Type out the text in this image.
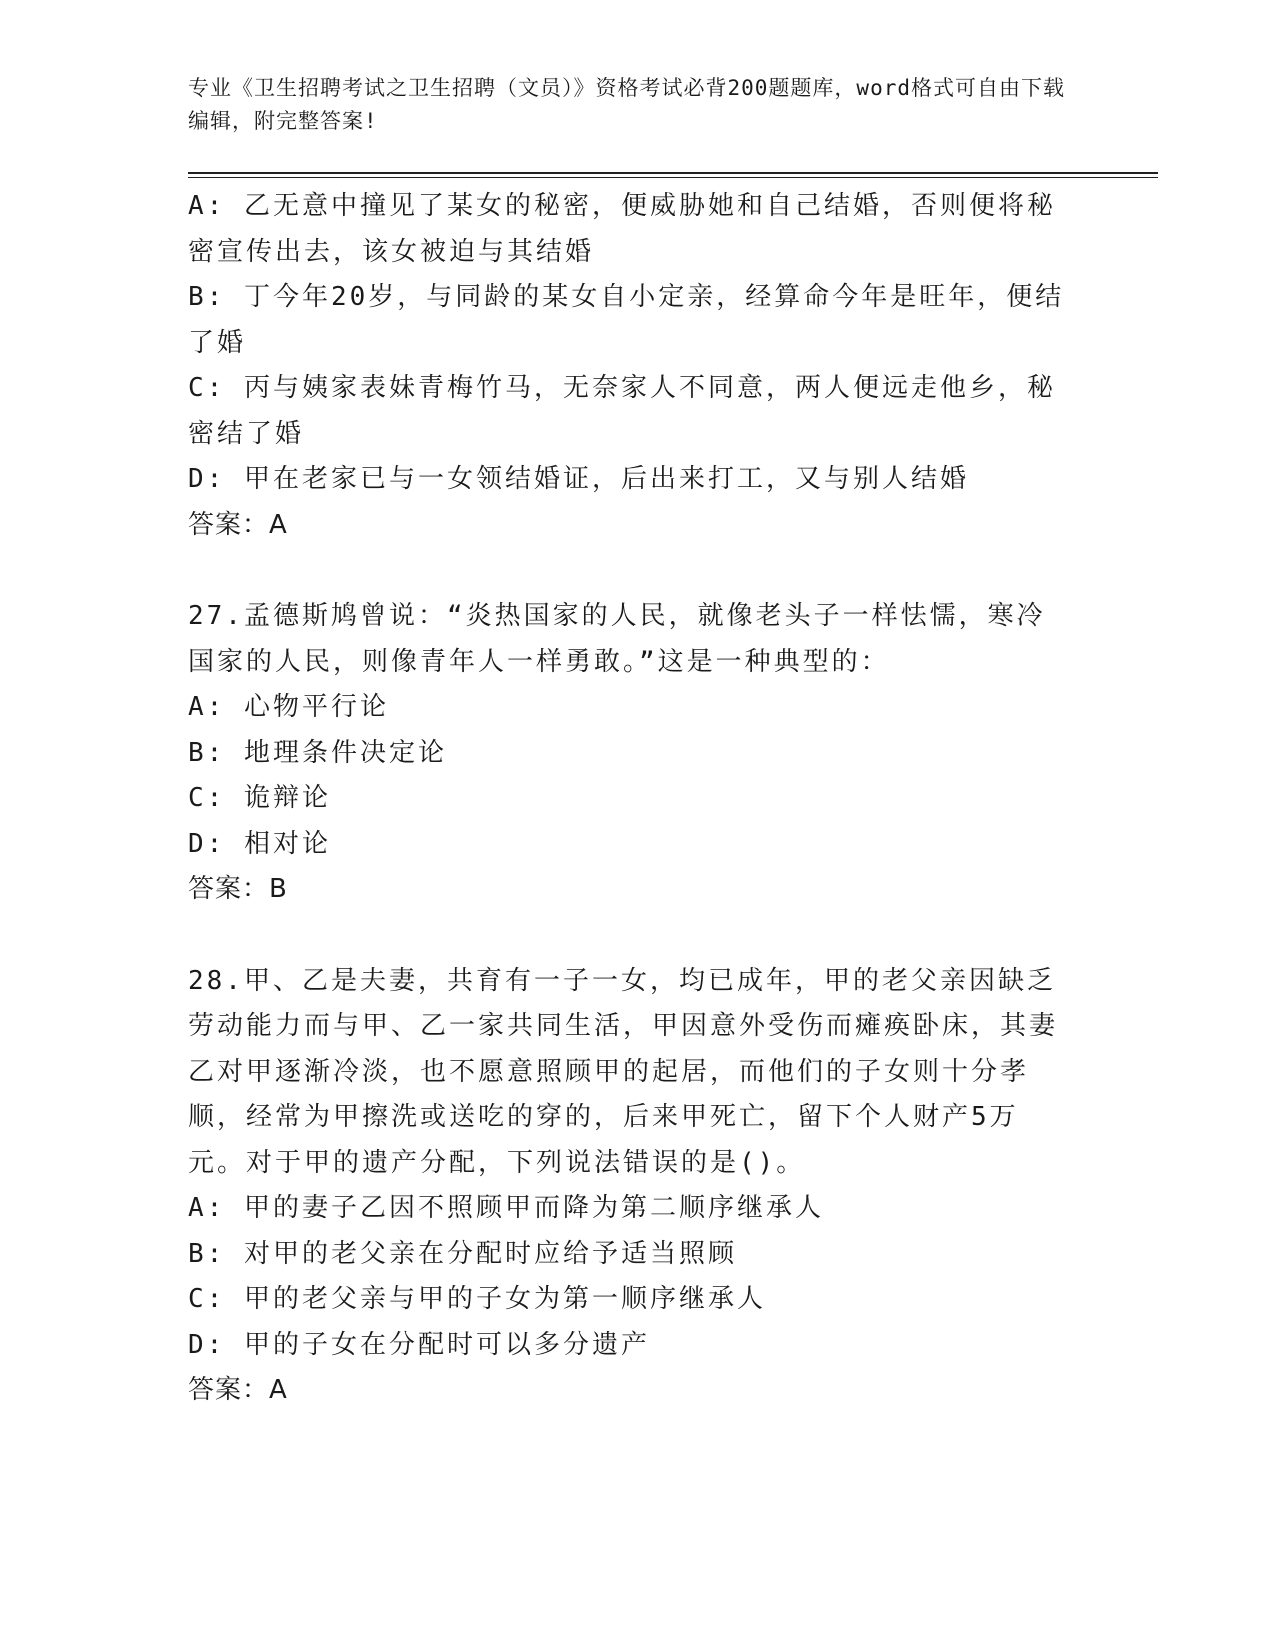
专业《卫生招聘考试之卫生招聘（文员）》资格考试必背200题题库，word格式可自由下载编辑，附完整答案!
A: 乙无意中撞见了某女的秘密，便威胁她和自己结婚，否则便将秘密宣传出去，该女被迫与其结婚
B: 丁今年20岁，与同龄的某女自小定亲，经算命今年是旺年，便结了婚
C: 丙与姨家表妹青梅竹马，无奈家人不同意，两人便远走他乡，秘密结了婚
D: 甲在老家已与一女领结婚证，后出来打工，又与别人结婚
答案：A
27.孟德斯鸠曾说：“炎热国家的人民，就像老头子一样怯懦，寒冷国家的人民，则像青年人一样勇敢。”这是一种典型的：
A: 心物平行论
B: 地理条件决定论
C: 诡辩论
D: 相对论
答案：B
28.甲、乙是夫妻，共育有一子一女，均已成年，甲的老父亲因缺乏劳动能力而与甲、乙一家共同生活，甲因意外受伤而瘫痪卧床，其妻乙对甲逐渐冷淡，也不愿意照顾甲的起居，而他们的子女则十分孝顺，经常为甲擦洗或送吃的穿的，后来甲死亡，留下个人财产5万元。对于甲的遗产分配，下列说法错误的是()。
A: 甲的妻子乙因不照顾甲而降为第二顺序继承人
B: 对甲的老父亲在分配时应给予适当照顾
C: 甲的老父亲与甲的子女为第一顺序继承人
D: 甲的子女在分配时可以多分遗产
答案：A
